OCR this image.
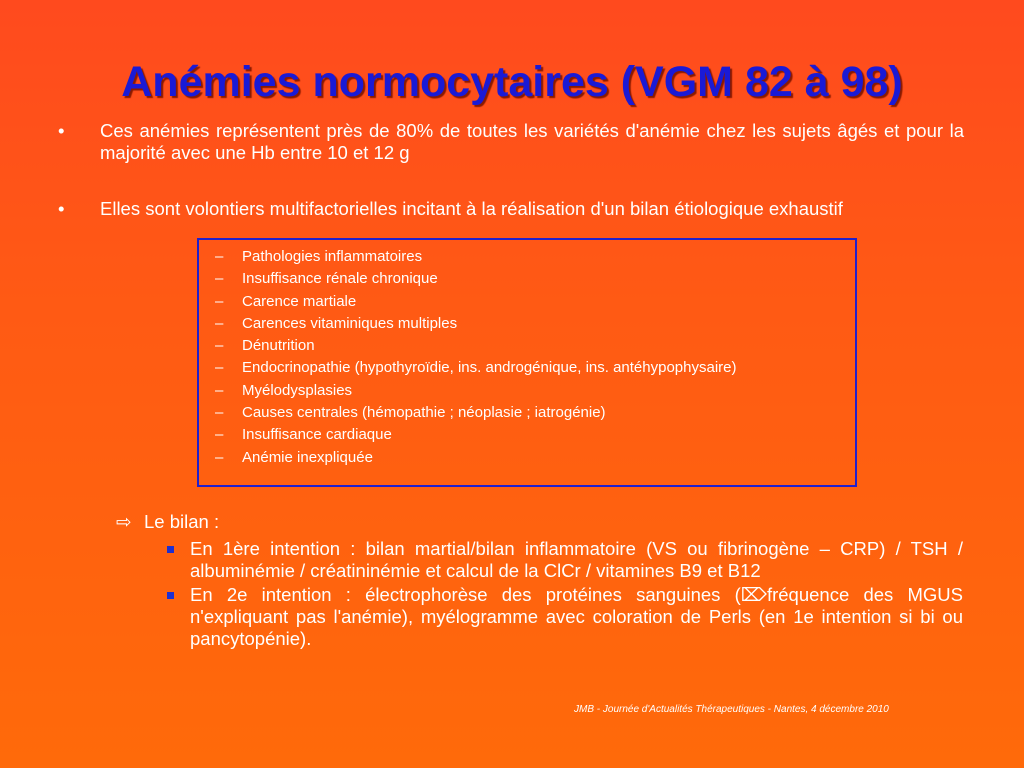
Anémies normocytaires (VGM 82 à 98)
• Ces anémies représentent près de 80% de toutes les variétés d'anémie chez les sujets âgés et pour la majorité avec une Hb entre 10 et 12 g
• Elles sont volontiers multifactorielles incitant à la réalisation d'un bilan étiologique exhaustif
– Pathologies inflammatoires
– Insuffisance rénale chronique
– Carence martiale
– Carences vitaminiques multiples
– Dénutrition
– Endocrinopathie (hypothyroïdie, ins. androgénique, ins. antéhypophysaire)
– Myélodysplasies
– Causes centrales (hémopathie ; néoplasie ; iatrogénie)
– Insuffisance cardiaque
– Anémie inexpliquée
⇨ Le bilan :
En 1ère intention : bilan martial/bilan inflammatoire (VS ou fibrinogène – CRP) / TSH / albuminémie / créatininémie et calcul de la ClCr / vitamines B9 et B12
En 2e intention : électrophorèse des protéines sanguines (⌦fréquence des MGUS n'expliquant pas l'anémie), myélogramme avec coloration de Perls (en 1e intention si bi ou pancytopénie).
JMB - Journée d'Actualités Thérapeutiques - Nantes, 4 décembre 2010
